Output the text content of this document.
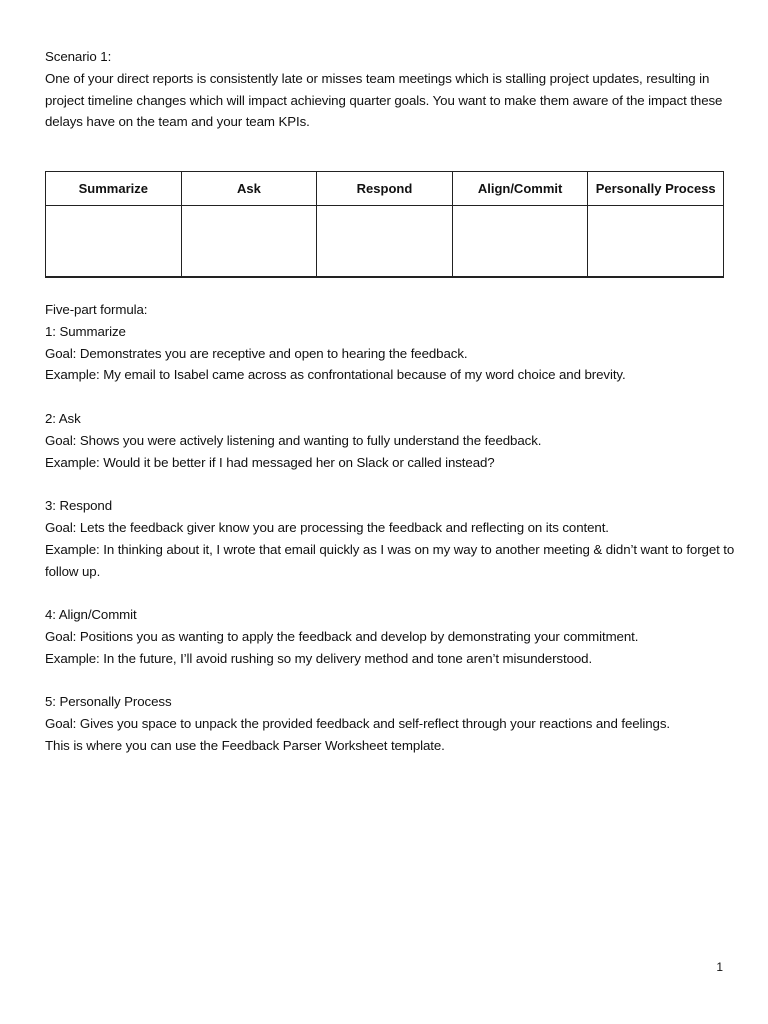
Scenario 1:

One of your direct reports is consistently late or misses team meetings which is stalling project updates, resulting in project timeline changes which will impact achieving quarter goals. You want to make them aware of the impact these delays have on the team and your team KPIs.

Summarize	Ask	Respond	Align/Commit	Personally Process

Five-part formula:

1: Summarize

Goal: Demonstrates you are receptive and open to hearing the feedback.

Example: My email to Isabel came across as confrontational because of my word choice and brevity.

2: Ask

Goal: Shows you were actively listening and wanting to fully understand the feedback.

Example: Would it be better if I had messaged her on Slack or called instead?

3: Respond

Goal: Lets the feedback giver know you are processing the feedback and reflecting on its content.

Example: In thinking about it, I wrote that email quickly as I was on my way to another meeting & didn’t want to forget to follow up.

4: Align/Commit

Goal: Positions you as wanting to apply the feedback and develop by demonstrating your commitment.

Example: In the future, I’ll avoid rushing so my delivery method and tone aren’t misunderstood.

5: Personally Process

Goal: Gives you space to unpack the provided feedback and self-reflect through your reactions and feelings.

This is where you can use the Feedback Parser Worksheet template.

1
